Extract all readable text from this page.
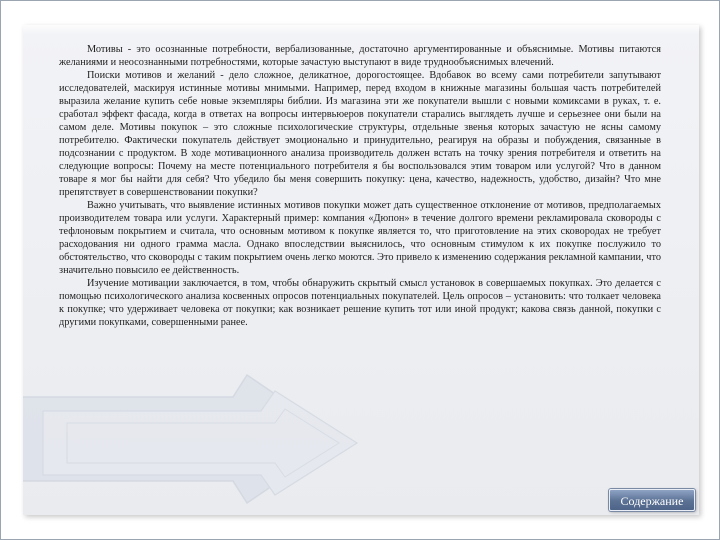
Мотивы - это осознанные потребности, вербализованные, достаточно аргументированные и объяснимые. Мотивы питаются желаниями и неосознанными потребностями, которые зачастую выступают в виде труднообъяснимых влечений.

Поиски мотивов и желаний - дело сложное, деликатное, дорогостоящее. Вдобавок во всему сами потребители запутывают исследователей, маскируя истинные мотивы мнимыми. Например, перед входом в книжные магазины большая часть потребителей выразила желание купить себе новые экземпляры библии. Из магазина эти же покупатели вышли с новыми комиксами в руках, т. е. сработал эффект фасада, когда в ответах на вопросы интервьюеров покупатели старались выглядеть лучше и серьезнее они были на самом деле. Мотивы покупок – это сложные психологические структуры, отдельные звенья которых зачастую не ясны самому потребителю. Фактически покупатель действует эмоционально и принудительно, реагируя на образы и побуждения, связанные в подсознании с продуктом. В ходе мотивационного анализа производитель должен встать на точку зрения потребителя и ответить на следующие вопросы: Почему на месте потенциального потребителя я бы воспользовался этим товаром или услугой? Что в данном товаре я мог бы найти для себя? Что убедило бы меня совершить покупку: цена, качество, надежность, удобство, дизайн? Что мне препятствует в совершенствовании покупки?

Важно учитывать, что выявление истинных мотивов покупки может дать существенное отклонение от мотивов, предполагаемых производителем товара или услуги. Характерный пример: компания «Дюпон» в течение долгого времени рекламировала сковороды с тефлоновым покрытием и считала, что основным мотивом к покупке является то, что приготовление на этих сковородах не требует расходования ни одного грамма масла. Однако впоследствии выяснилось, что основным стимулом к их покупке послужило то обстоятельство, что сковороды с таким покрытием очень легко моются. Это привело к изменению содержания рекламной кампании, что значительно повысило ее действенность.

Изучение мотивации заключается, в том, чтобы обнаружить скрытый смысл установок в совершаемых покупках. Это делается с помощью психологического анализа косвенных опросов потенциальных покупателей. Цель опросов – установить: что толкает человека к покупке; что удерживает человека от покупки; как возникает решение купить тот или иной продукт; какова связь данной, покупки с другими покупками, совершенными ранее.

Содержание
